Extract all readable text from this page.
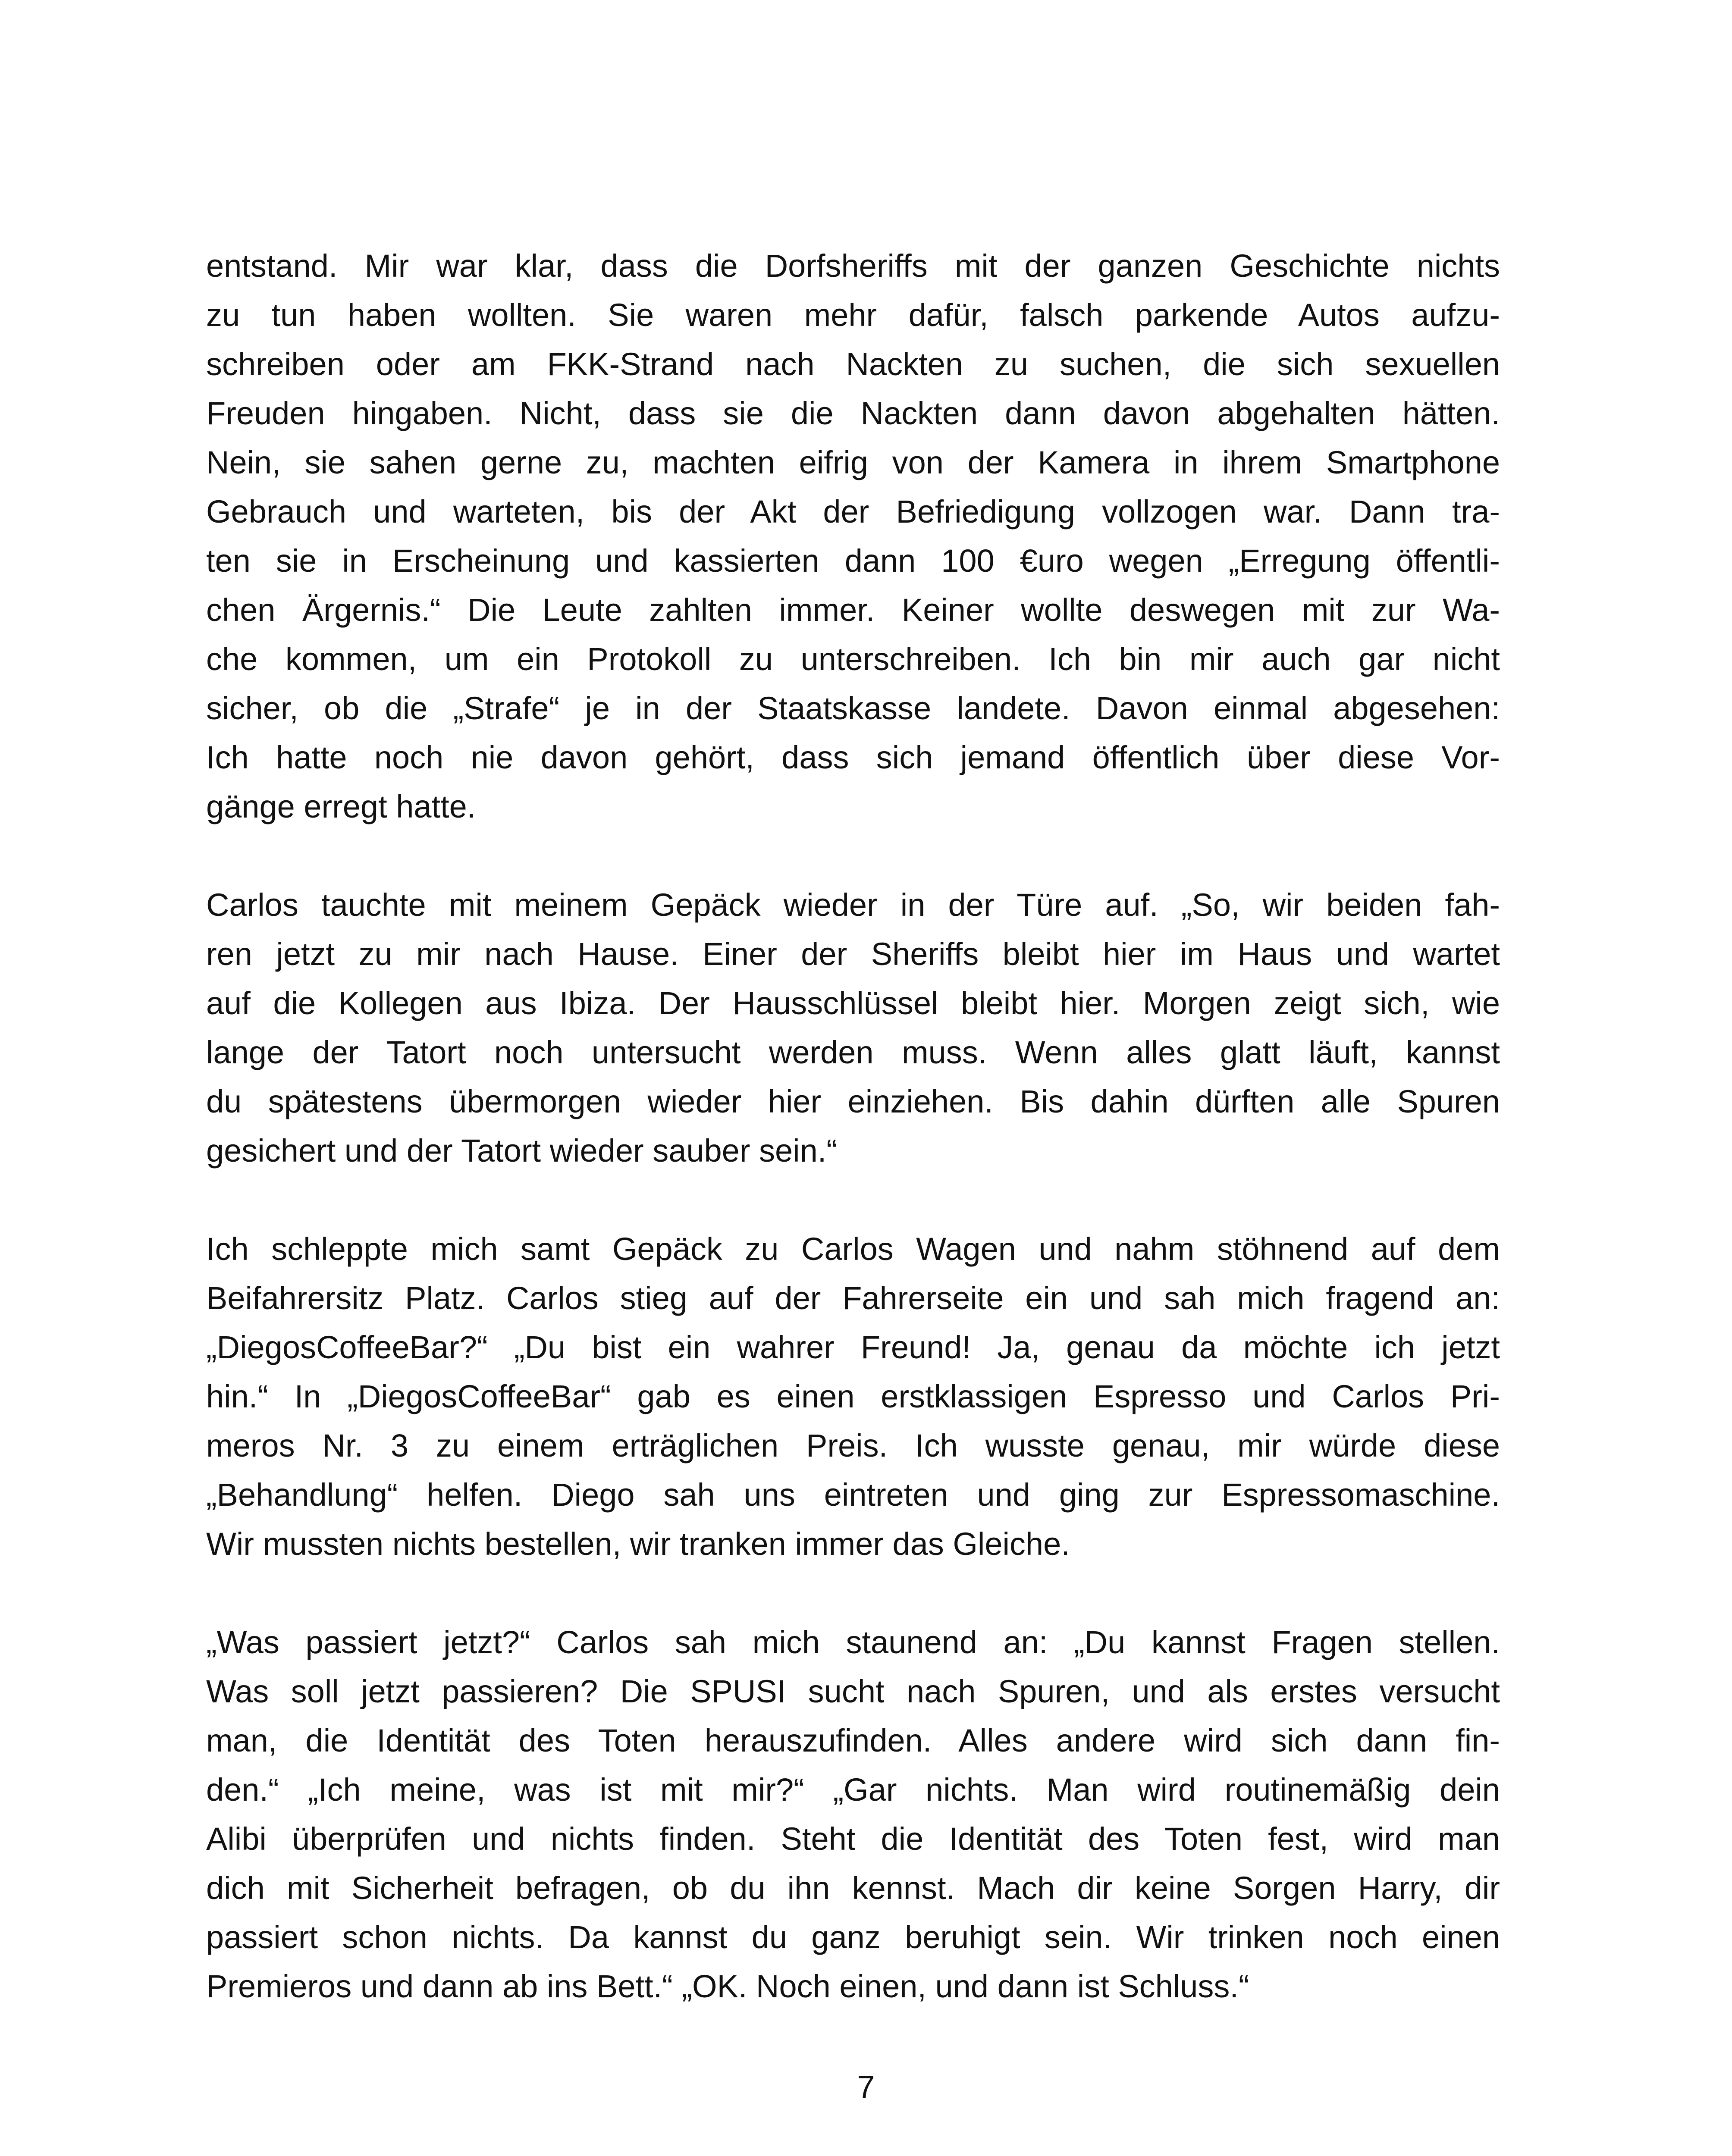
entstand. Mir war klar, dass die Dorfsheriffs mit der ganzen Geschichte nichts
zu tun haben wollten. Sie waren mehr dafür, falsch parkende Autos aufzu-
schreiben oder am FKK-Strand nach Nackten zu suchen, die sich sexuellen
Freuden hingaben. Nicht, dass sie die Nackten dann davon abgehalten hätten.
Nein, sie sahen gerne zu, machten eifrig von der Kamera in ihrem Smartphone
Gebrauch und warteten, bis der Akt der Befriedigung vollzogen war. Dann tra-
ten sie in Erscheinung und kassierten dann 100 €uro wegen „Erregung öffentli-
chen Ärgernis.“ Die Leute zahlten immer. Keiner wollte deswegen mit zur Wa-
che kommen, um ein Protokoll zu unterschreiben. Ich bin mir auch gar nicht
sicher, ob die „Strafe“ je in der Staatskasse landete. Davon einmal abgesehen:
Ich hatte noch nie davon gehört, dass sich jemand öffentlich über diese Vor-
gänge erregt hatte.

Carlos tauchte mit meinem Gepäck wieder in der Türe auf. „So, wir beiden fah-
ren jetzt zu mir nach Hause. Einer der Sheriffs bleibt hier im Haus und wartet
auf die Kollegen aus Ibiza. Der Hausschlüssel bleibt hier. Morgen zeigt sich, wie
lange der Tatort noch untersucht werden muss. Wenn alles glatt läuft, kannst
du spätestens übermorgen wieder hier einziehen. Bis dahin dürften alle Spuren
gesichert und der Tatort wieder sauber sein.“

Ich schleppte mich samt Gepäck zu Carlos Wagen und nahm stöhnend auf dem
Beifahrersitz Platz. Carlos stieg auf der Fahrerseite ein und sah mich fragend an:
„DiegosCoffeeBar?“ „Du bist ein wahrer Freund! Ja, genau da möchte ich jetzt
hin.“ In „DiegosCoffeeBar“ gab es einen erstklassigen Espresso und Carlos Pri-
meros Nr. 3 zu einem erträglichen Preis. Ich wusste genau, mir würde diese
„Behandlung“ helfen. Diego sah uns eintreten und ging zur Espressomaschine.
Wir mussten nichts bestellen, wir tranken immer das Gleiche.

„Was passiert jetzt?“ Carlos sah mich staunend an: „Du kannst Fragen stellen.
Was soll jetzt passieren? Die SPUSI sucht nach Spuren, und als erstes versucht
man, die Identität des Toten herauszufinden. Alles andere wird sich dann fin-
den.“ „Ich meine, was ist mit mir?“ „Gar nichts. Man wird routinemäßig dein
Alibi überprüfen und nichts finden. Steht die Identität des Toten fest, wird man
dich mit Sicherheit befragen, ob du ihn kennst. Mach dir keine Sorgen Harry, dir
passiert schon nichts. Da kannst du ganz beruhigt sein. Wir trinken noch einen
Premieros und dann ab ins Bett.“ „OK. Noch einen, und dann ist Schluss.“

7
